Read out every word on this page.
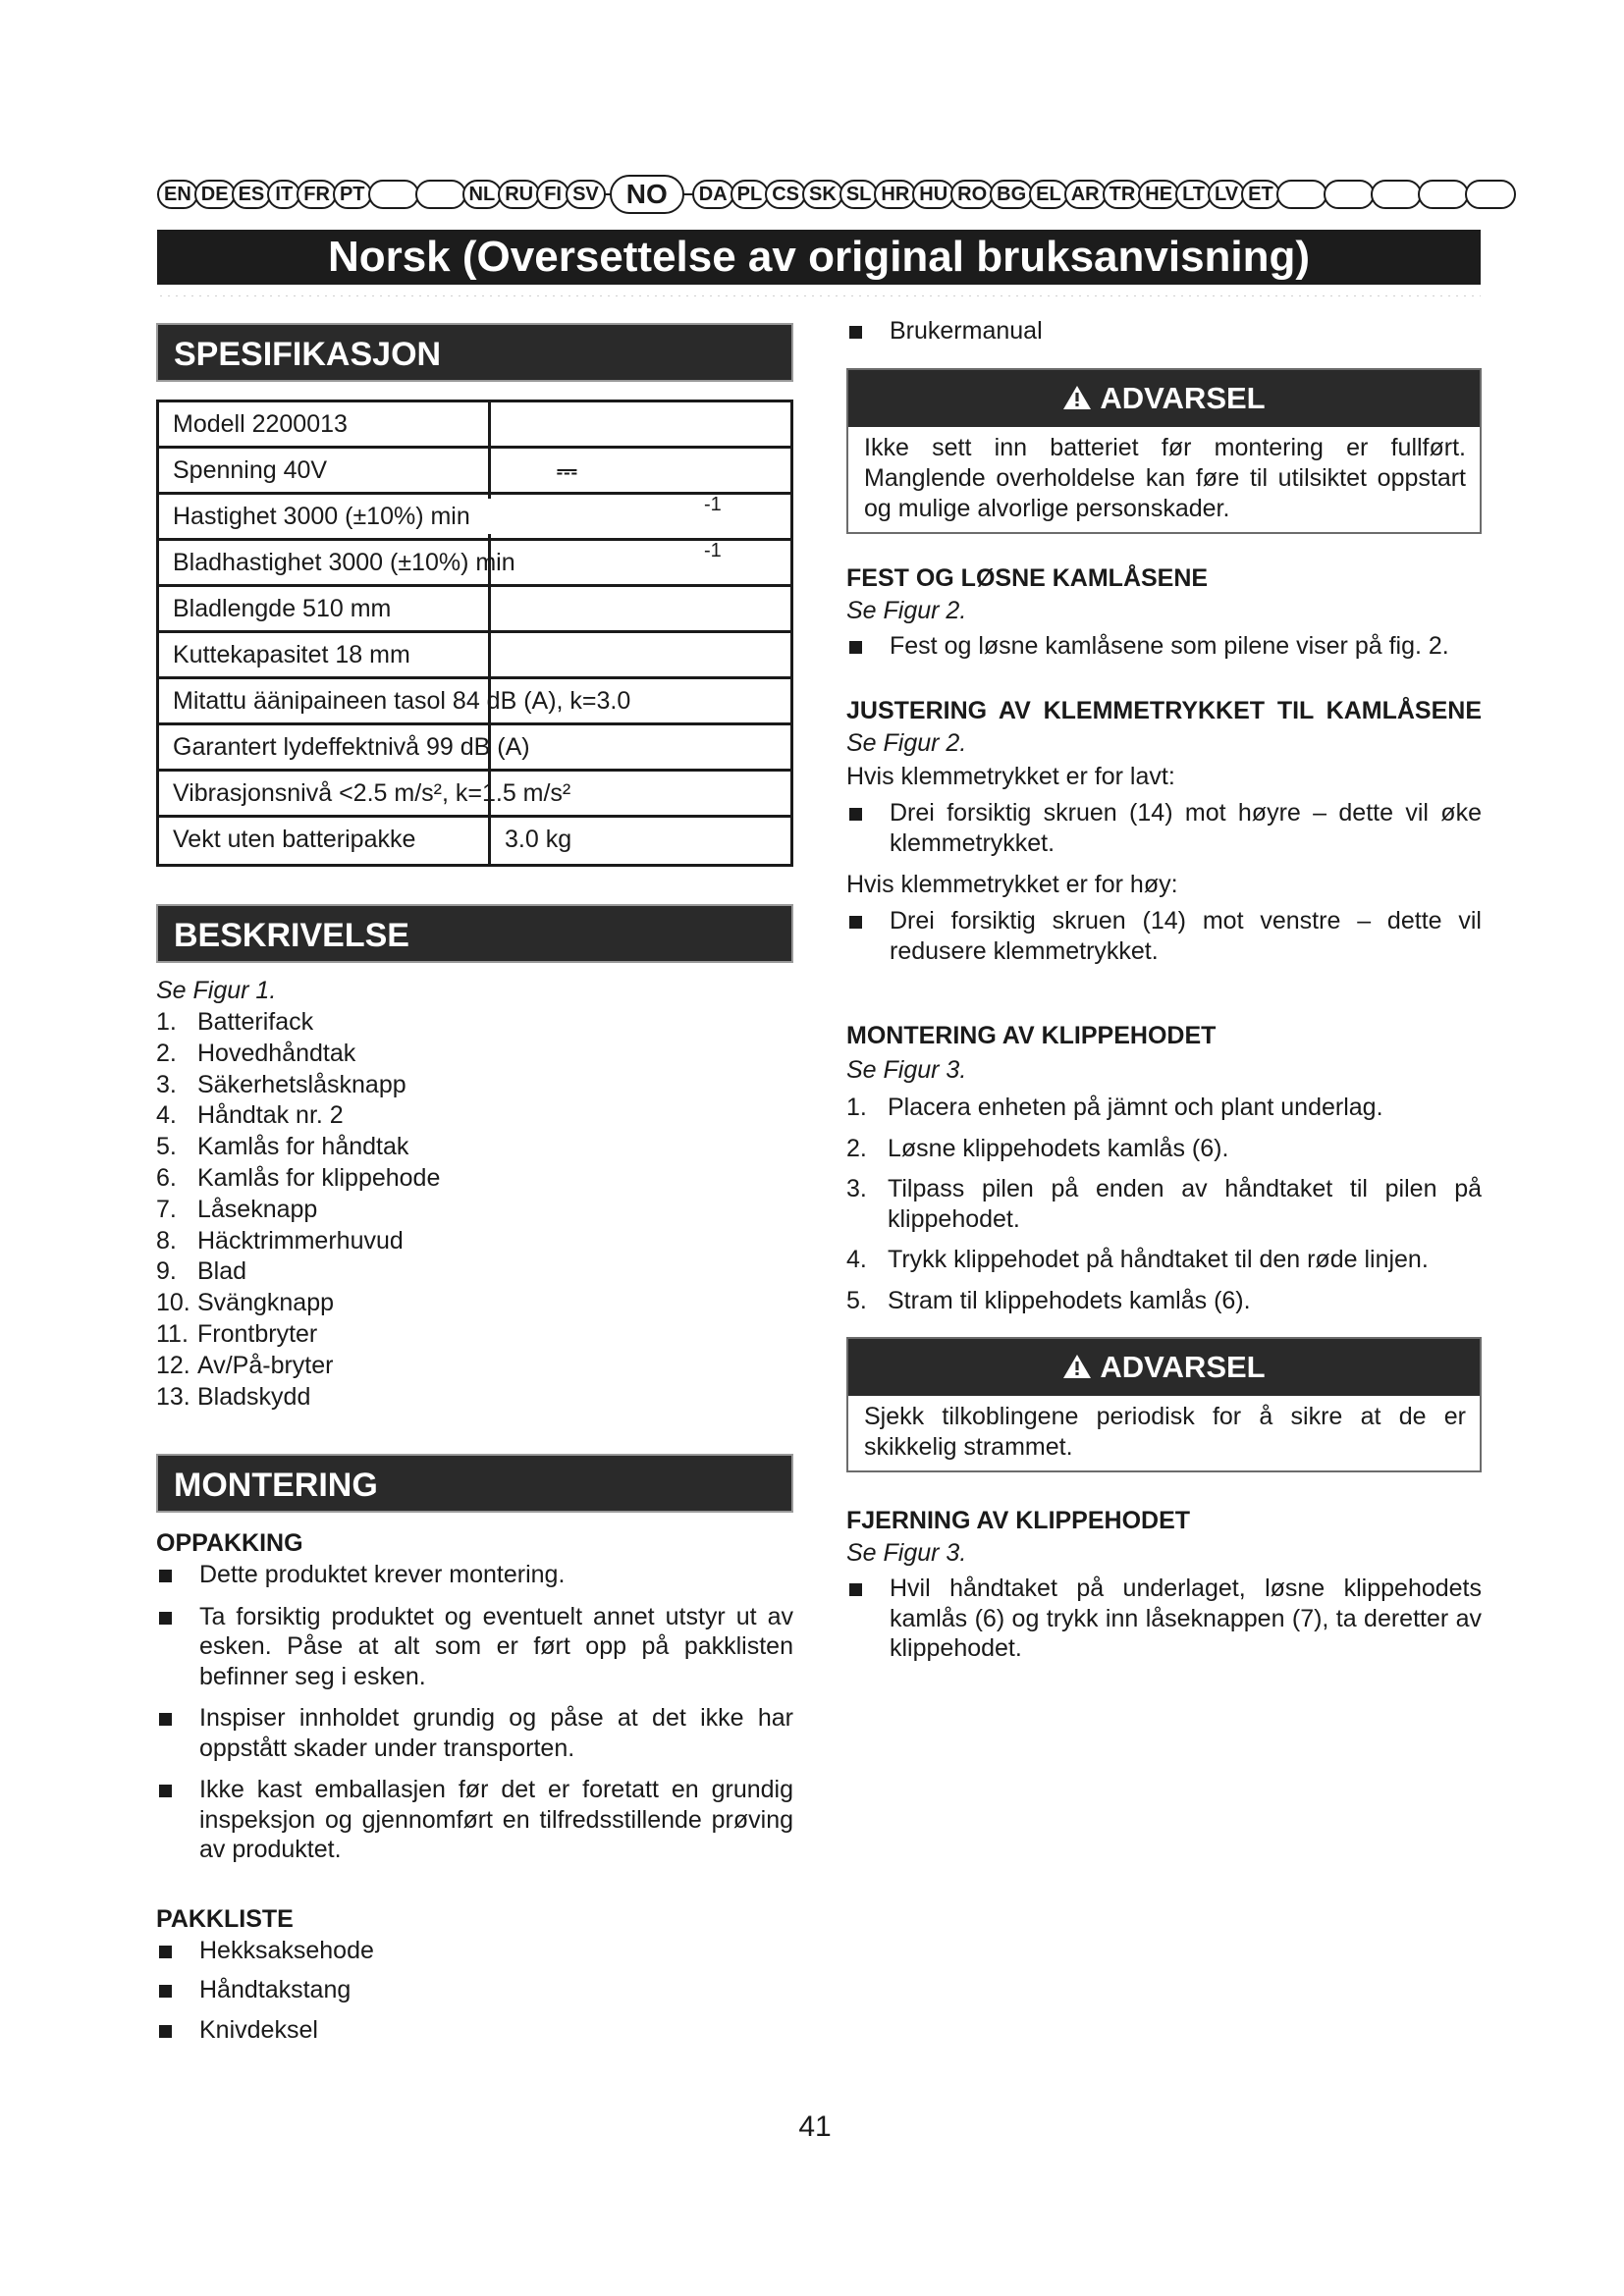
EN DE ES IT FR PT	NL RU FI SV	NO	DA PL CS SK SL HR HU RO BG EL AR TR HE LT LV ET
Norsk (Oversettelse av original bruksanvisning)
SPESIFIKASJON
Modell 2200013
Spenning 40V	⎓
Hastighet 3000 (±10%) min	-1
Bladhastighet 3000 (±10%) min	-1
Bladlengde 510 mm
Kuttekapasitet 18 mm
Mitattu äänipaineen tasol 84 dB (A), k=3.0
Garantert lydeffektnivå 99 dB (A)
Vibrasjonsnivå <2.5 m/s², k=1.5 m/s²
Vekt uten batteripakke	3.0 kg
BESKRIVELSE

Se Figur 1.

1. Batterifack
2. Hovedhåndtak
3. Säkerhetslåsknapp
4. Håndtak nr. 2
5. Kamlås for håndtak
6. Kamlås for klippehode
7. Låseknapp
8. Häcktrimmerhuvud
9. Blad
10. Svängknapp
11. Frontbryter
12. Av/På-bryter
13. Bladskydd
MONTERING

OPPAKKING

Dette produktet krever montering.
Ta forsiktig produktet og eventuelt annet utstyr ut av esken. Påse at alt som er ført opp på pakklisten befinner seg i esken.
Inspiser innholdet grundig og påse at det ikke har oppstått skader under transporten.
Ikke kast emballasjen før det er foretatt en grundig inspeksjon og gjennomført en tilfredsstillende prøving av produktet.

PAKKLISTE

Hekksaksehode
Håndtakstang
Knivdeksel
Brukermanual
ADVARSEL
Ikke sett inn batteriet før montering er fullført. Manglende overholdelse kan føre til utilsiktet oppstart og mulige alvorlige personskader.

FEST OG LØSNE KAMLÅSENE

Se Figur 2.

Fest og løsne kamlåsene som pilene viser på fig. 2.

JUSTERING AV KLEMMETRYKKET TIL KAMLÅSENE

Se Figur 2.

Hvis klemmetrykket er for lavt:

Drei forsiktig skruen (14) mot høyre – dette vil øke klemmetrykket.

Hvis klemmetrykket er for høy:

Drei forsiktig skruen (14) mot venstre – dette vil redusere klemmetrykket.

MONTERING AV KLIPPEHODET

Se Figur 3.

1. Placera enheten på jämnt och plant underlag.
2. Løsne klippehodets kamlås (6).
3. Tilpass pilen på enden av håndtaket til pilen på klippehodet.
4. Trykk klippehodet på håndtaket til den røde linjen.
5. Stram til klippehodets kamlås (6).
ADVARSEL
Sjekk tilkoblingene periodisk for å sikre at de er skikkelig strammet.

FJERNING AV KLIPPEHODET

Se Figur 3.

Hvil håndtaket på underlaget, løsne klippehodets kamlås (6) og trykk inn låseknappen (7), ta deretter av klippehodet.
41
